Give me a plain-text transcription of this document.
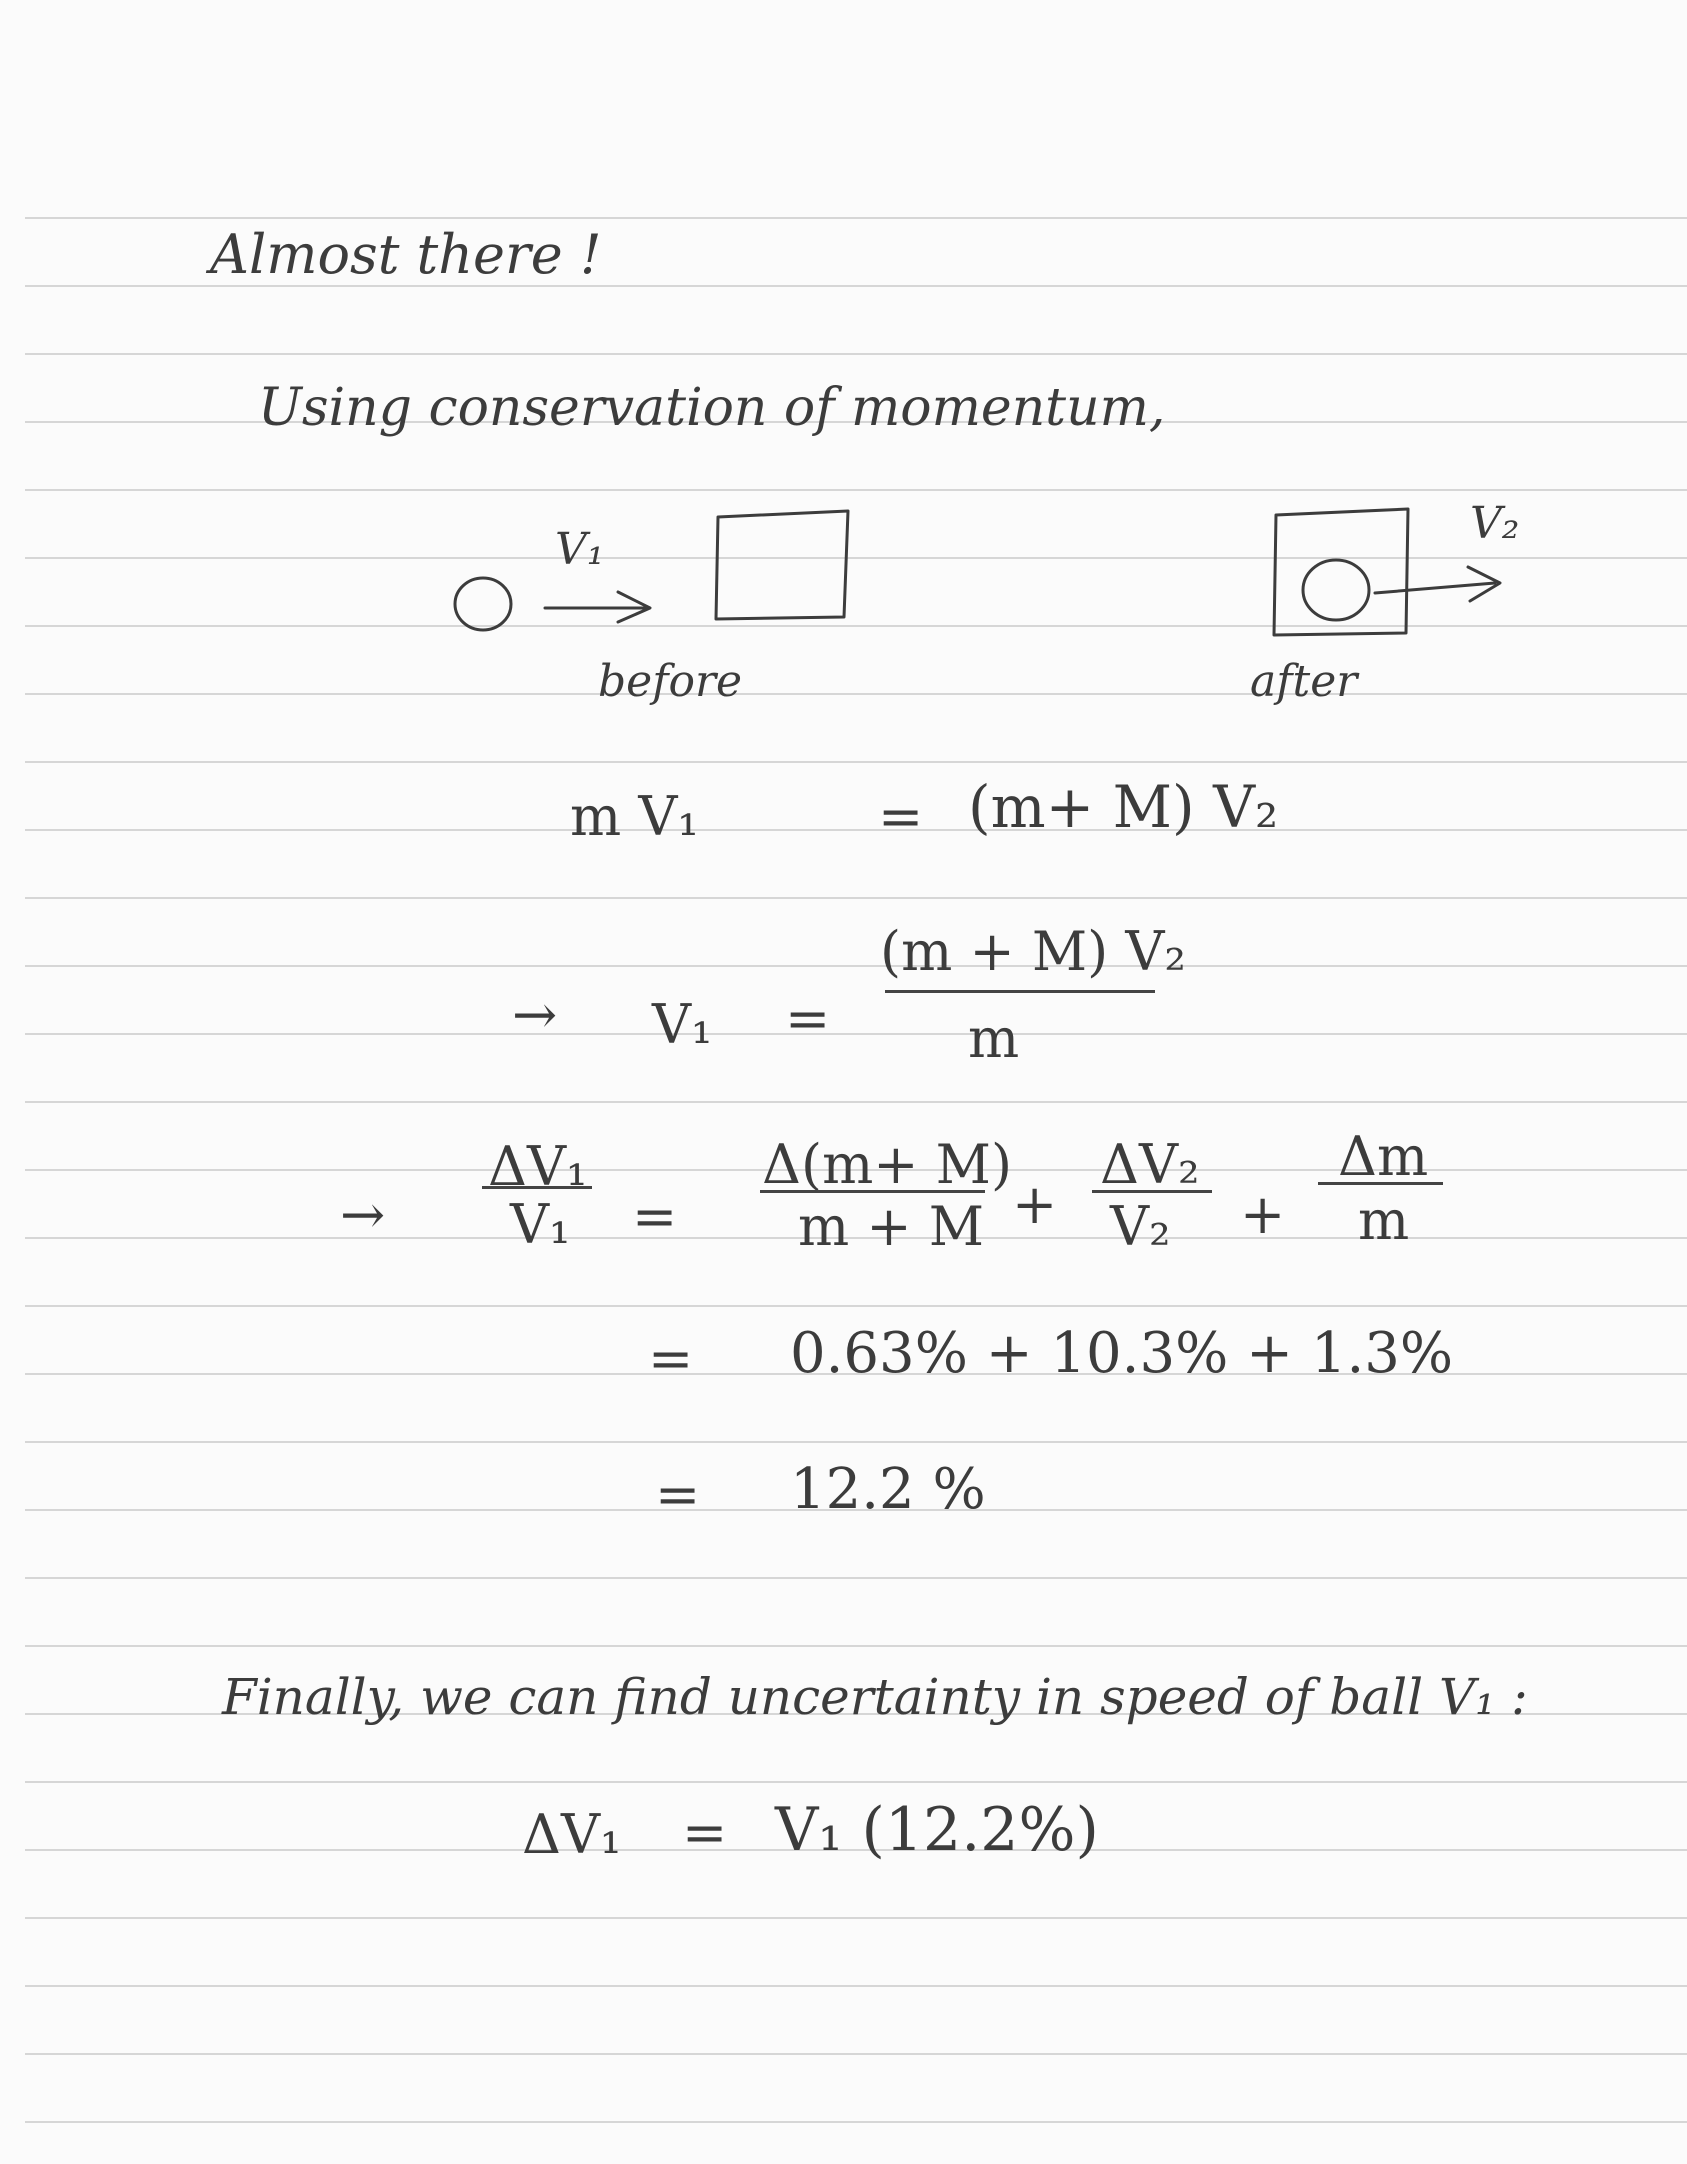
Almost there !
Using conservation of momentum,
V₁
before
V₂
after
m V₁	= (m+ M) V₂
→ V₁ =
(m + M) V₂
m
→
ΔV₁
V₁ =
Δ(m+ M)
m + M +
ΔV₂
V₂ +
Δm
m
= 0.63% + 10.3% + 1.3%
= 12.2 %
Finally, we can find uncertainty in speed of ball V₁ :
ΔV₁ = V₁ (12.2%)
